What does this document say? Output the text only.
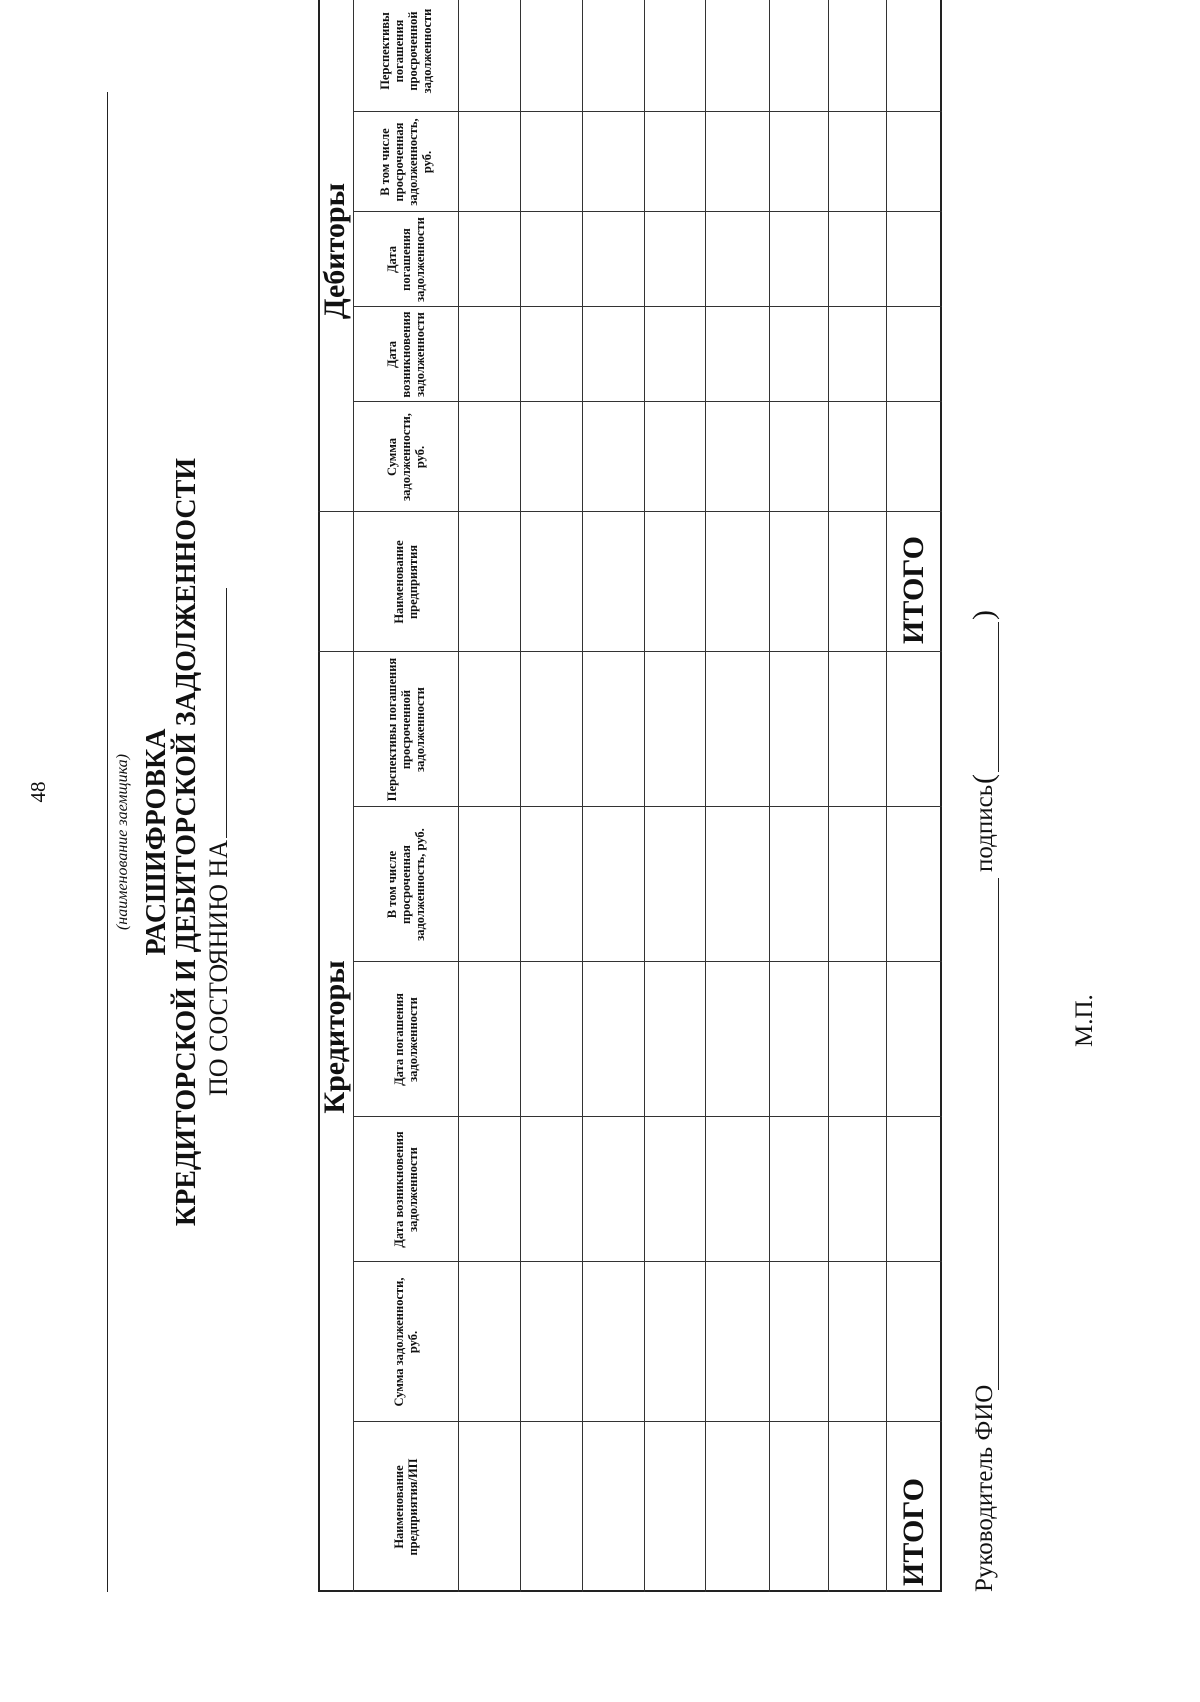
48	(наименование заемщика) РАСШИФРОВКА КРЕДИТОРСКОЙ И ДЕБИТОРСКОЙ ЗАДОЛЖЕННОСТИ ПО СОСТОЯНИЮ НА	Кредиторы
Дебиторы
Наименование предприятия/ИП
Сумма задолженности, руб.
Дата возникновения задолженности
Дата погашения задолженности
В том числе просроченная задолженность, руб.
Перспективы погашения просроченной задолженности
Наименование предприятия
Сумма задолженности, руб.
Дата возникновения задолженности
Дата погашения задолженности
В том числе просроченная задолженность, руб.
Перспективы погашения просроченной задолженности
ИТОГО
ИТОГО
Руководитель ФИО
подпись
(
)
М.П.
